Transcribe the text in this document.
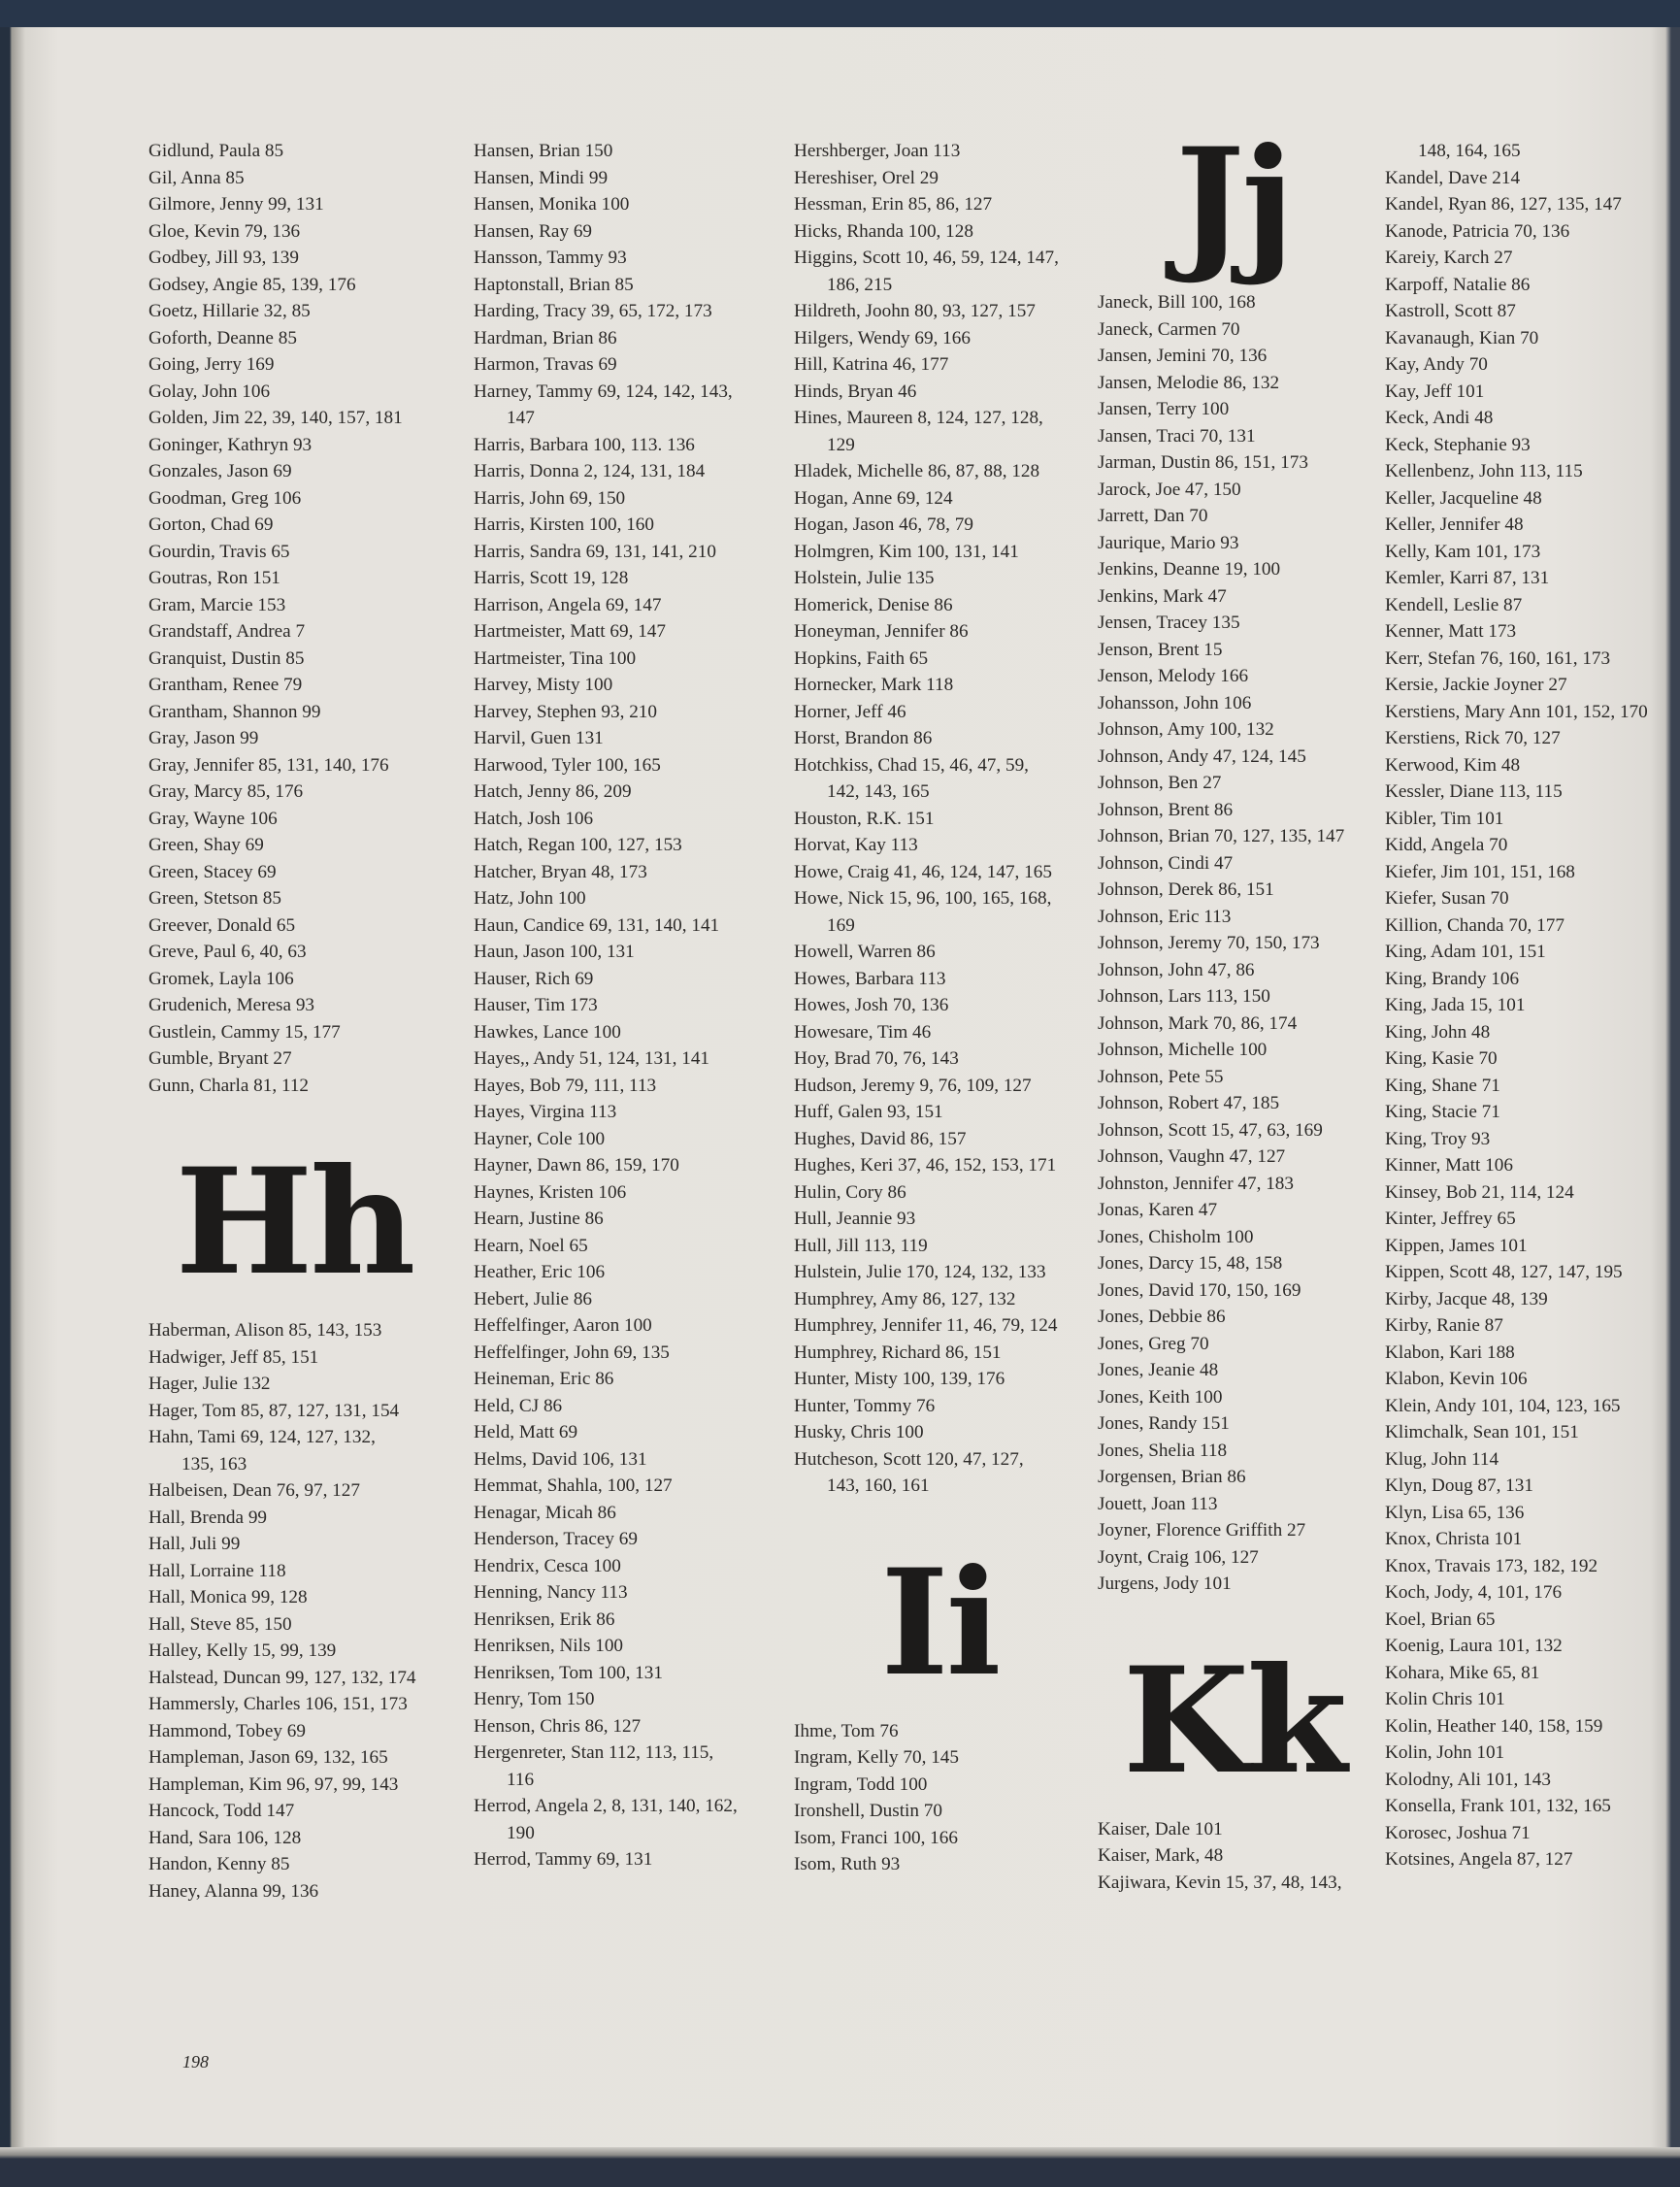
Gidlund, Paula 85
Gil, Anna 85
Gilmore, Jenny 99, 131
Gloe, Kevin 79, 136
Godbey, Jill 93, 139
Godsey, Angie 85, 139, 176
Goetz, Hillarie 32, 85
Goforth, Deanne 85
Going, Jerry 169
Golay, John 106
Golden, Jim 22, 39, 140, 157, 181
Goninger, Kathryn 93
Gonzales, Jason 69
Goodman, Greg 106
Gorton, Chad 69
Gourdin, Travis 65
Goutras, Ron 151
Gram, Marcie 153
Grandstaff, Andrea 7
Granquist, Dustin 85
Grantham, Renee 79
Grantham, Shannon 99
Gray, Jason 99
Gray, Jennifer 85, 131, 140, 176
Gray, Marcy 85, 176
Gray, Wayne 106
Green, Shay 69
Green, Stacey 69
Green, Stetson 85
Greever, Donald 65
Greve, Paul 6, 40, 63
Gromek, Layla 106
Grudenich, Meresa 93
Gustlein, Cammy 15, 177
Gumble, Bryant 27
Gunn, Charla 81, 112
Hh
Haberman, Alison 85, 143, 153
Hadwiger, Jeff 85, 151
Hager, Julie 132
Hager, Tom 85, 87, 127, 131, 154
Hahn, Tami 69, 124, 127, 132,
135, 163
Halbeisen, Dean 76, 97, 127
Hall, Brenda 99
Hall, Juli 99
Hall, Lorraine 118
Hall, Monica 99, 128
Hall, Steve 85, 150
Halley, Kelly 15, 99, 139
Halstead, Duncan 99, 127, 132, 174
Hammersly, Charles 106, 151, 173
Hammond, Tobey 69
Hampleman, Jason 69, 132, 165
Hampleman, Kim 96, 97, 99, 143
Hancock, Todd 147
Hand, Sara 106, 128
Handon, Kenny 85
Haney, Alanna 99, 136
Hansen, Brian 150
Hansen, Mindi 99
Hansen, Monika 100
Hansen, Ray 69
Hansson, Tammy 93
Haptonstall, Brian 85
Harding, Tracy 39, 65, 172, 173
Hardman, Brian 86
Harmon, Travas 69
Harney, Tammy 69, 124, 142, 143,
147
Harris, Barbara 100, 113. 136
Harris, Donna 2, 124, 131, 184
Harris, John 69, 150
Harris, Kirsten 100, 160
Harris, Sandra 69, 131, 141, 210
Harris, Scott 19, 128
Harrison, Angela 69, 147
Hartmeister, Matt 69, 147
Hartmeister, Tina 100
Harvey, Misty 100
Harvey, Stephen 93, 210
Harvil, Guen 131
Harwood, Tyler 100, 165
Hatch, Jenny 86, 209
Hatch, Josh 106
Hatch, Regan 100, 127, 153
Hatcher, Bryan 48, 173
Hatz, John 100
Haun, Candice 69, 131, 140, 141
Haun, Jason 100, 131
Hauser, Rich 69
Hauser, Tim 173
Hawkes, Lance 100
Hayes,, Andy 51, 124, 131, 141
Hayes, Bob 79, 111, 113
Hayes, Virgina 113
Hayner, Cole 100
Hayner, Dawn 86, 159, 170
Haynes, Kristen 106
Hearn, Justine 86
Hearn, Noel 65
Heather, Eric 106
Hebert, Julie 86
Heffelfinger, Aaron 100
Heffelfinger, John 69, 135
Heineman, Eric 86
Held, CJ 86
Held, Matt 69
Helms, David 106, 131
Hemmat, Shahla, 100, 127
Henagar, Micah 86
Henderson, Tracey 69
Hendrix, Cesca 100
Henning, Nancy 113
Henriksen, Erik 86
Henriksen, Nils 100
Henriksen, Tom 100, 131
Henry, Tom 150
Henson, Chris 86, 127
Hergenreter, Stan 112, 113, 115,
116
Herrod, Angela 2, 8, 131, 140, 162,
190
Herrod, Tammy 69, 131
Hershberger, Joan 113
Hereshiser, Orel 29
Hessman, Erin 85, 86, 127
Hicks, Rhanda 100, 128
Higgins, Scott 10, 46, 59, 124, 147,
186, 215
Hildreth, Joohn 80, 93, 127, 157
Hilgers, Wendy 69, 166
Hill, Katrina 46, 177
Hinds, Bryan 46
Hines, Maureen 8, 124, 127, 128,
129
Hladek, Michelle 86, 87, 88, 128
Hogan, Anne 69, 124
Hogan, Jason 46, 78, 79
Holmgren, Kim 100, 131, 141
Holstein, Julie 135
Homerick, Denise 86
Honeyman, Jennifer 86
Hopkins, Faith 65
Hornecker, Mark 118
Horner, Jeff 46
Horst, Brandon 86
Hotchkiss, Chad 15, 46, 47, 59,
142, 143, 165
Houston, R.K. 151
Horvat, Kay 113
Howe, Craig 41, 46, 124, 147, 165
Howe, Nick 15, 96, 100, 165, 168,
169
Howell, Warren 86
Howes, Barbara 113
Howes, Josh 70, 136
Howesare, Tim 46
Hoy, Brad 70, 76, 143
Hudson, Jeremy 9, 76, 109, 127
Huff, Galen 93, 151
Hughes, David 86, 157
Hughes, Keri 37, 46, 152, 153, 171
Hulin, Cory 86
Hull, Jeannie 93
Hull, Jill 113, 119
Hulstein, Julie 170, 124, 132, 133
Humphrey, Amy 86, 127, 132
Humphrey, Jennifer 11, 46, 79, 124
Humphrey, Richard 86, 151
Hunter, Misty 100, 139, 176
Hunter, Tommy 76
Husky, Chris 100
Hutcheson, Scott 120, 47, 127,
143, 160, 161
Ii
Ihme, Tom 76
Ingram, Kelly 70, 145
Ingram, Todd 100
Ironshell, Dustin 70
Isom, Franci 100, 166
Isom, Ruth 93
Jj
Janeck, Bill 100, 168
Janeck, Carmen 70
Jansen, Jemini 70, 136
Jansen, Melodie 86, 132
Jansen, Terry 100
Jansen, Traci 70, 131
Jarman, Dustin 86, 151, 173
Jarock, Joe 47, 150
Jarrett, Dan 70
Jaurique, Mario 93
Jenkins, Deanne 19, 100
Jenkins, Mark 47
Jensen, Tracey 135
Jenson, Brent 15
Jenson, Melody 166
Johansson, John 106
Johnson, Amy 100, 132
Johnson, Andy 47, 124, 145
Johnson, Ben 27
Johnson, Brent 86
Johnson, Brian 70, 127, 135, 147
Johnson, Cindi 47
Johnson, Derek 86, 151
Johnson, Eric 113
Johnson, Jeremy 70, 150, 173
Johnson, John 47, 86
Johnson, Lars 113, 150
Johnson, Mark 70, 86, 174
Johnson, Michelle 100
Johnson, Pete 55
Johnson, Robert 47, 185
Johnson, Scott 15, 47, 63, 169
Johnson, Vaughn 47, 127
Johnston, Jennifer 47, 183
Jonas, Karen 47
Jones, Chisholm 100
Jones, Darcy 15, 48, 158
Jones, David 170, 150, 169
Jones, Debbie 86
Jones, Greg 70
Jones, Jeanie 48
Jones, Keith 100
Jones, Randy 151
Jones, Shelia 118
Jorgensen, Brian 86
Jouett, Joan 113
Joyner, Florence Griffith 27
Joynt, Craig 106, 127
Jurgens, Jody 101
Kk
Kaiser, Dale 101
Kaiser, Mark, 48
Kajiwara, Kevin 15, 37, 48, 143,
148, 164, 165
Kandel, Dave 214
Kandel, Ryan 86, 127, 135, 147
Kanode, Patricia 70, 136
Kareiy, Karch 27
Karpoff, Natalie 86
Kastroll, Scott 87
Kavanaugh, Kian 70
Kay, Andy 70
Kay, Jeff 101
Keck, Andi 48
Keck, Stephanie 93
Kellenbenz, John 113, 115
Keller, Jacqueline 48
Keller, Jennifer 48
Kelly, Kam 101, 173
Kemler, Karri 87, 131
Kendell, Leslie 87
Kenner, Matt 173
Kerr, Stefan 76, 160, 161, 173
Kersie, Jackie Joyner 27
Kerstiens, Mary Ann 101, 152, 170
Kerstiens, Rick 70, 127
Kerwood, Kim 48
Kessler, Diane 113, 115
Kibler, Tim 101
Kidd, Angela 70
Kiefer, Jim 101, 151, 168
Kiefer, Susan 70
Killion, Chanda 70, 177
King, Adam 101, 151
King, Brandy 106
King, Jada 15, 101
King, John 48
King, Kasie 70
King, Shane 71
King, Stacie 71
King, Troy 93
Kinner, Matt 106
Kinsey, Bob 21, 114, 124
Kinter, Jeffrey 65
Kippen, James 101
Kippen, Scott 48, 127, 147, 195
Kirby, Jacque 48, 139
Kirby, Ranie 87
Klabon, Kari 188
Klabon, Kevin 106
Klein, Andy 101, 104, 123, 165
Klimchalk, Sean 101, 151
Klug, John 114
Klyn, Doug 87, 131
Klyn, Lisa 65, 136
Knox, Christa 101
Knox, Travais 173, 182, 192
Koch, Jody, 4, 101, 176
Koel, Brian 65
Koenig, Laura 101, 132
Kohara, Mike 65, 81
Kolin Chris 101
Kolin, Heather 140, 158, 159
Kolin, John 101
Kolodny, Ali 101, 143
Konsella, Frank 101, 132, 165
Korosec, Joshua 71
Kotsines, Angela 87, 127
198
